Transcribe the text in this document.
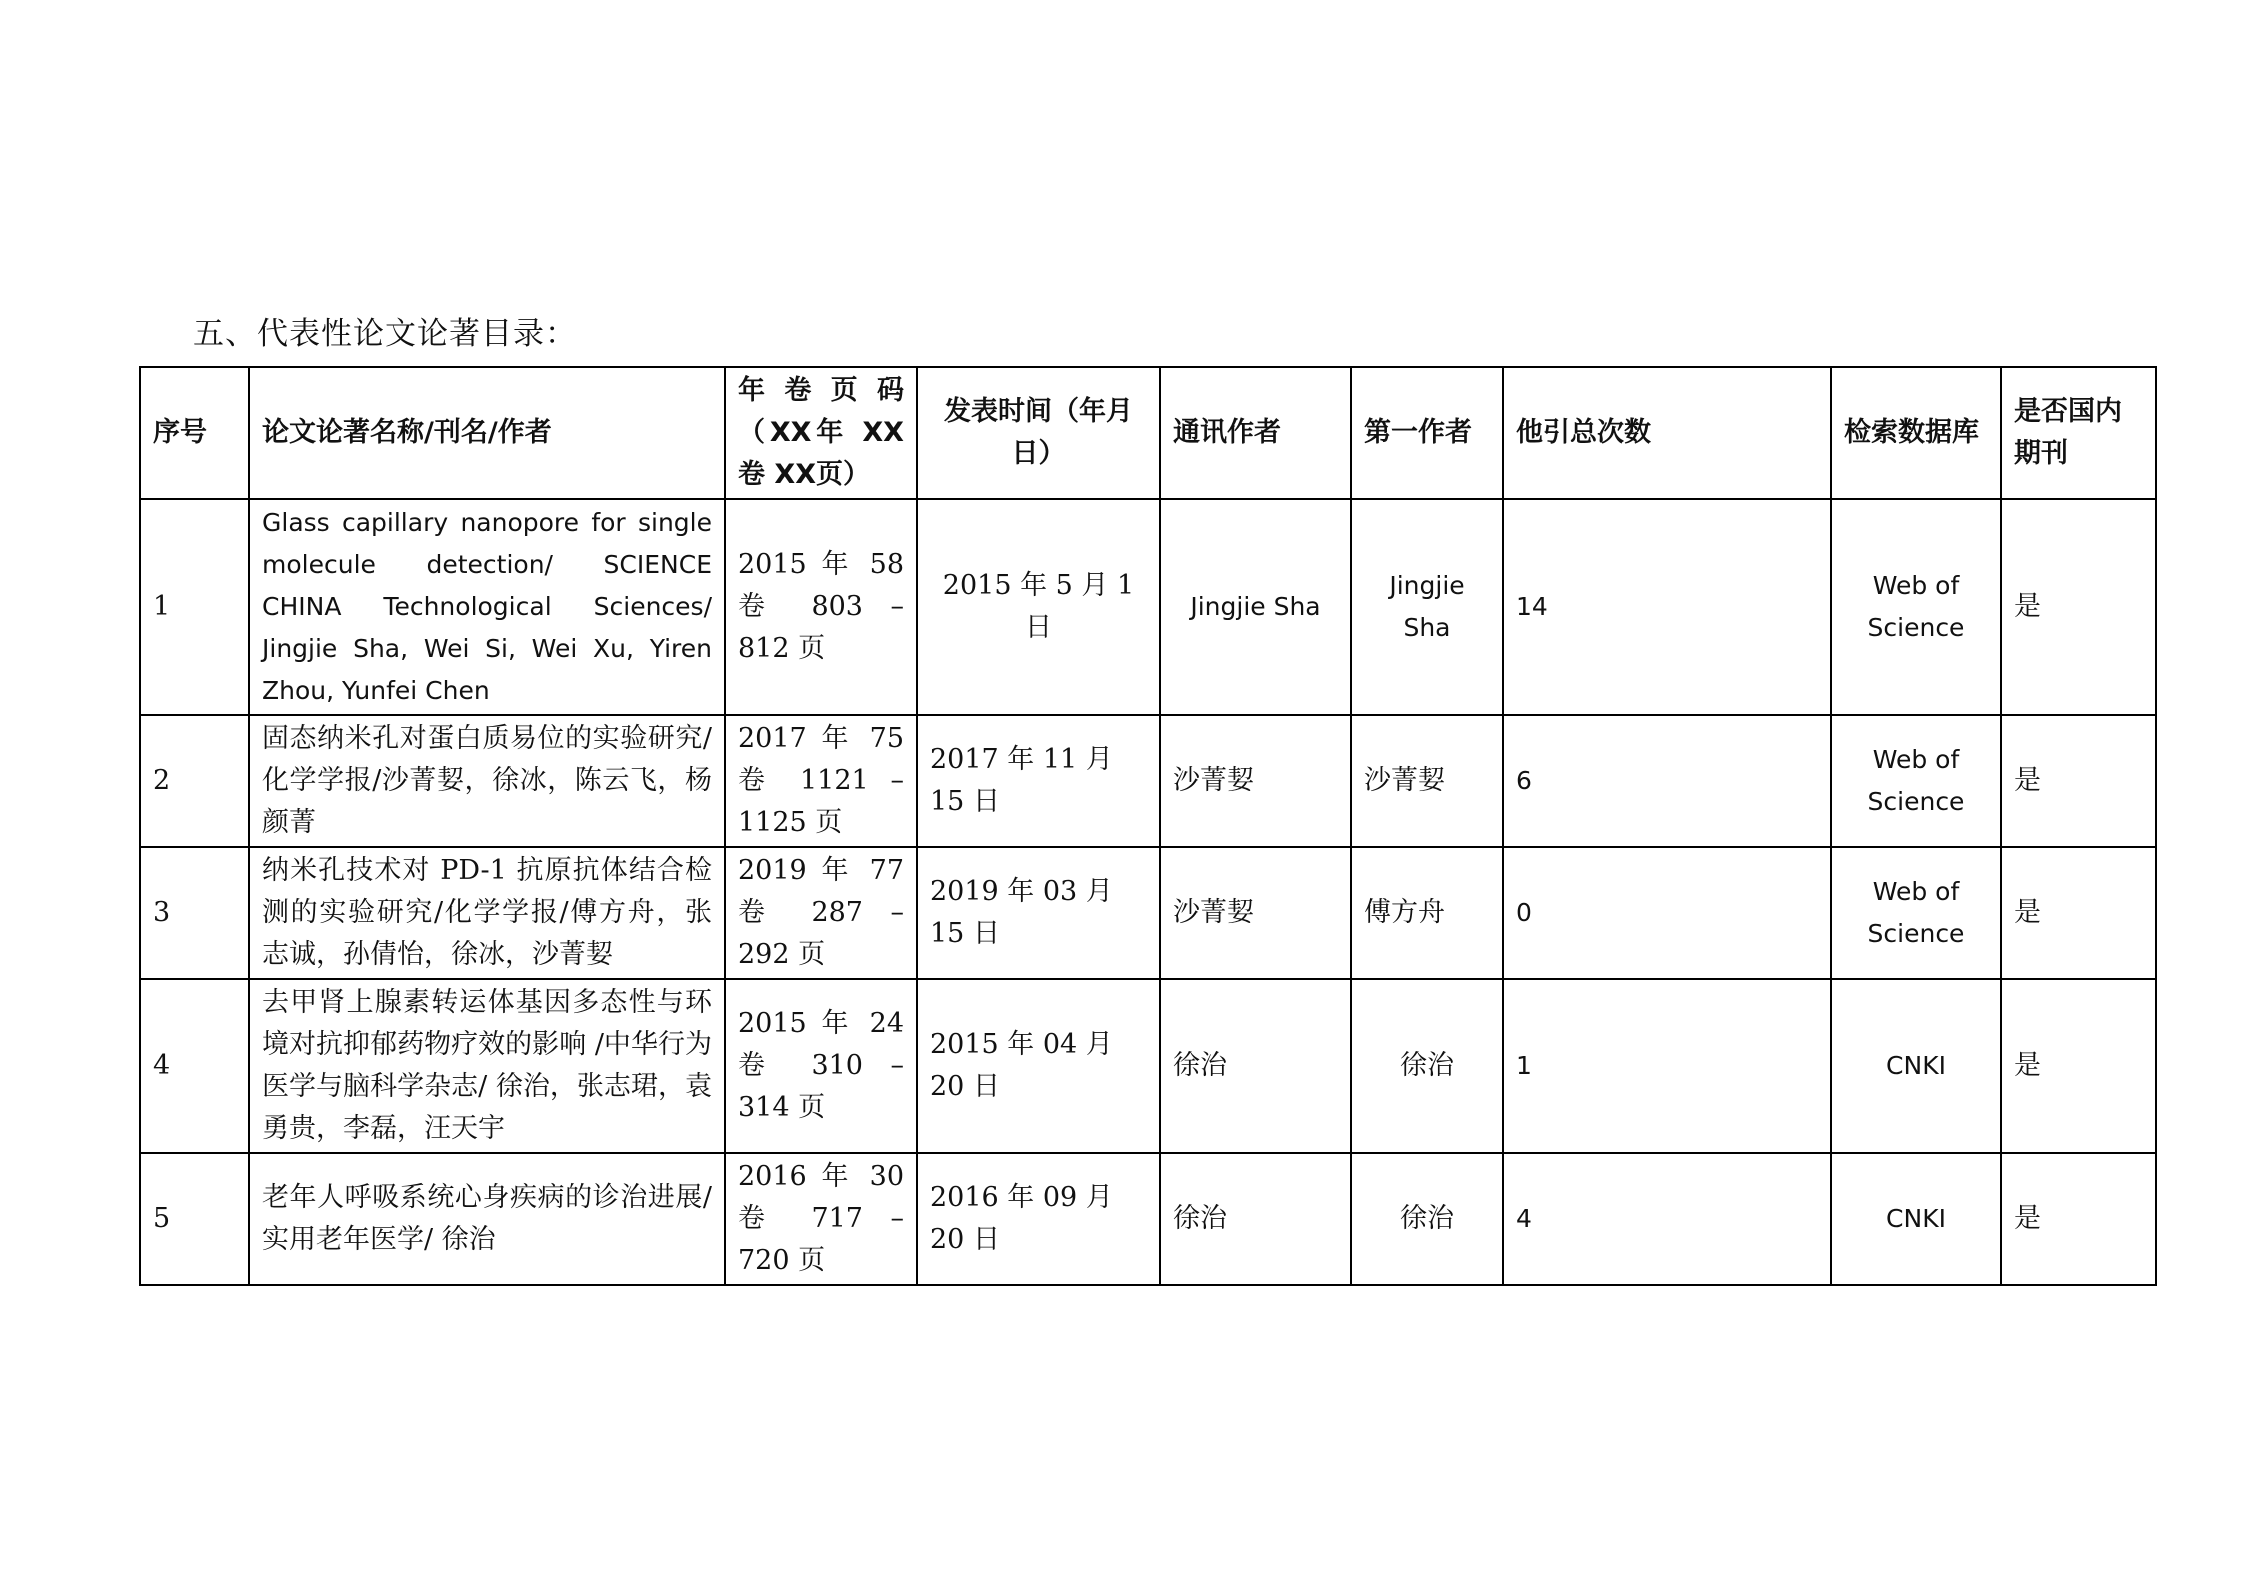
五、代表性论文论著目录：
序号	论文论著名称/刊名/作者	年卷页码（XX年 XX 卷 XX页）	发表时间（年月日）	通讯作者	第一作者	他引总次数	检索数据库	是否国内期刊
1	Glass capillary nanopore for single molecule detection/ SCIENCE CHINA Technological Sciences/ Jingjie Sha, Wei Si, Wei Xu, Yiren Zhou, Yunfei Chen	2015 年 58 卷 803 – 812 页	2015 年 5 月 1 日	Jingjie Sha	Jingjie Sha	14	Web of Science	是
2	固态纳米孔对蛋白质易位的实验研究/化学学报/沙菁㛃，徐冰，陈云飞，杨颜菁	2017 年 75 卷 1121 – 1125 页	2017 年 11 月 15 日	沙菁㛃	沙菁㛃	6	Web of Science	是
3	纳米孔技术对 PD-1 抗原抗体结合检测的实验研究/化学学报/傅方舟，张志诚，孙倩怡，徐冰，沙菁㛃	2019 年 77 卷 287 – 292 页	2019 年 03 月 15 日	沙菁㛃	傅方舟	0	Web of Science	是
4	去甲肾上腺素转运体基因多态性与环境对抗抑郁药物疗效的影响 /中华行为医学与脑科学杂志/ 徐治，张志珺，袁勇贵，李磊，汪天宇	2015 年 24 卷 310 – 314 页	2015 年 04 月 20 日	徐治	徐治	1	CNKI	是
5	老年人呼吸系统心身疾病的诊治进展/实用老年医学/ 徐治	2016 年 30 卷 717 – 720 页	2016 年 09 月 20 日	徐治	徐治	4	CNKI	是
